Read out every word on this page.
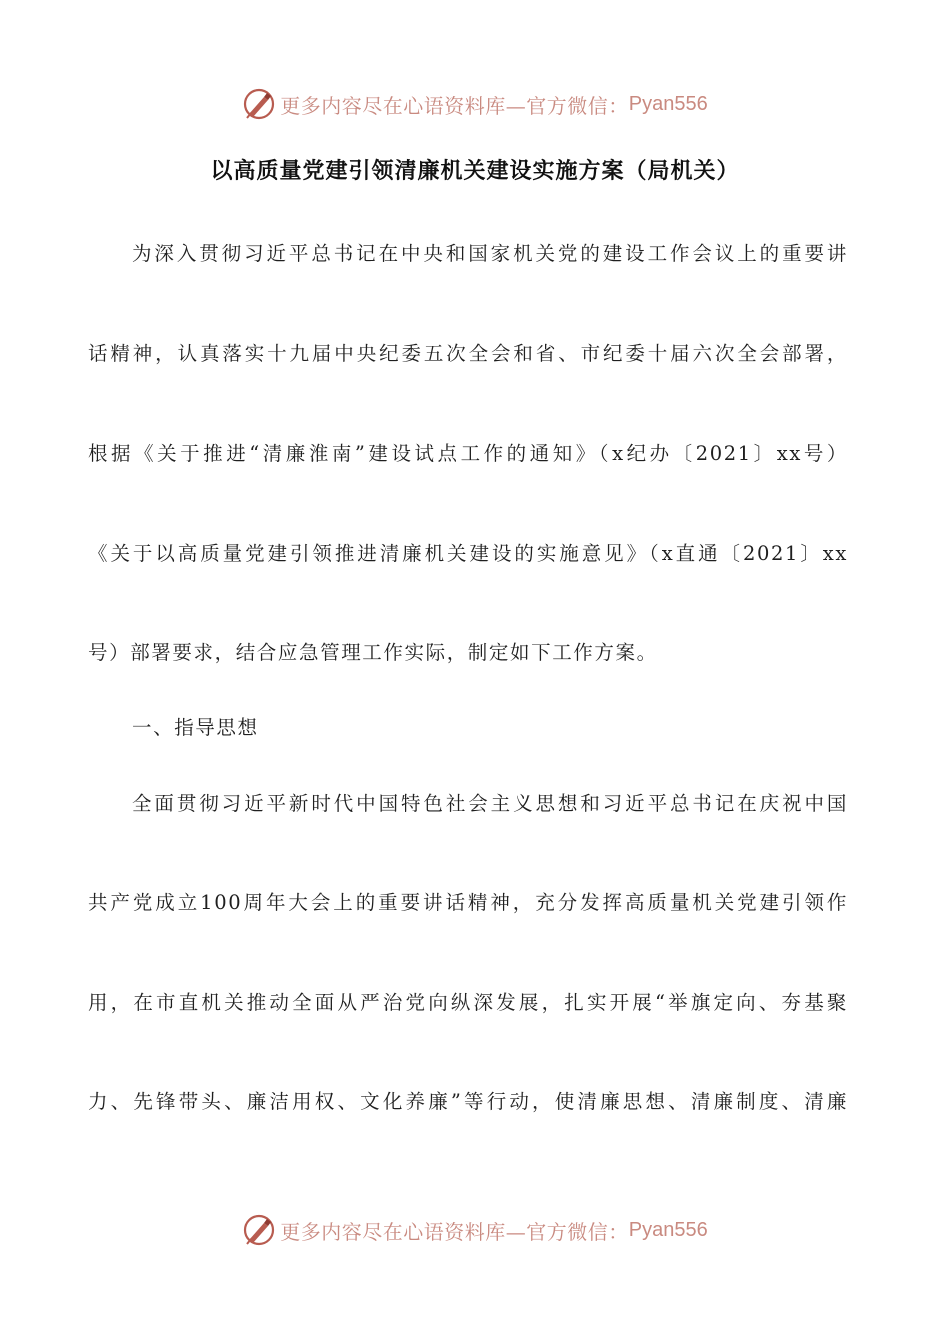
更多内容尽在心语资料库—官方微信： Pyan556
以高质量党建引领清廉机关建设实施方案（局机关）
为深入贯彻习近平总书记在中央和国家机关党的建设工作会议上的重要讲
话精神，认真落实十九届中央纪委五次全会和省、市纪委十届六次全会部署，
根据《关于推进“清廉淮南”建设试点工作的通知》（x纪办〔2021〕xx号）
《关于以高质量党建引领推进清廉机关建设的实施意见》（x直通〔2021〕xx
号）部署要求，结合应急管理工作实际，制定如下工作方案。
一、指导思想
全面贯彻习近平新时代中国特色社会主义思想和习近平总书记在庆祝中国
共产党成立100周年大会上的重要讲话精神，充分发挥高质量机关党建引领作
用，在市直机关推动全面从严治党向纵深发展，扎实开展“举旗定向、夯基聚
力、先锋带头、廉洁用权、文化养廉”等行动，使清廉思想、清廉制度、清廉
更多内容尽在心语资料库—官方微信： Pyan556
